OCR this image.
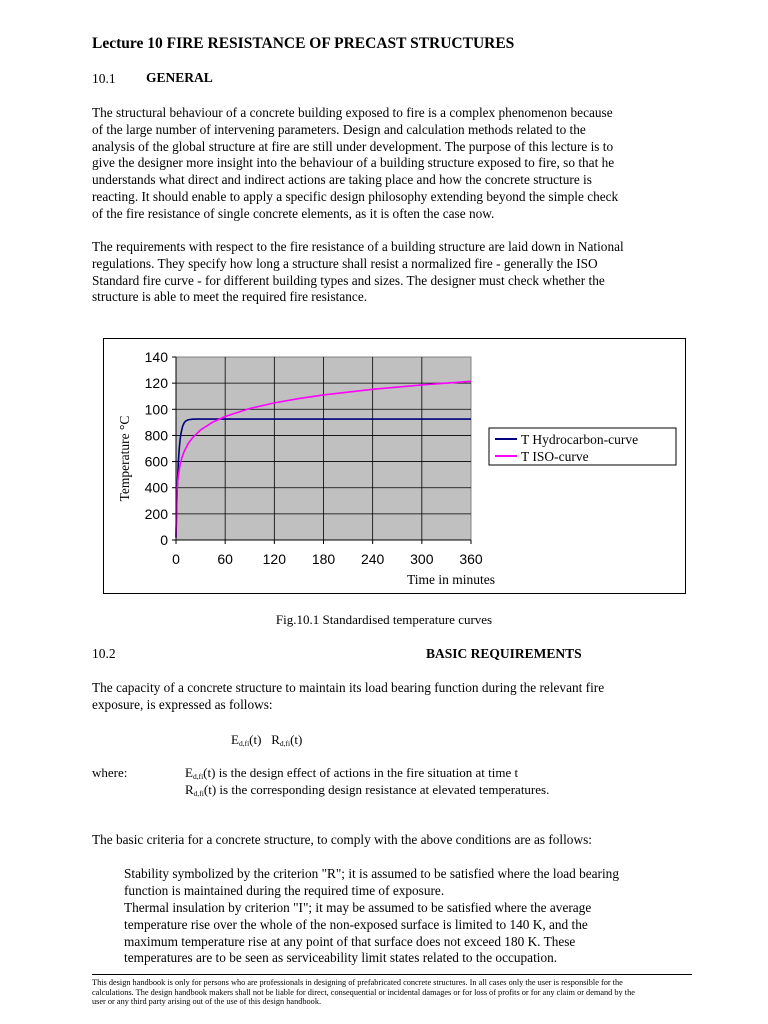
Lecture 10 FIRE RESISTANCE OF PRECAST STRUCTURES
10.1 GENERAL
The structural behaviour of a concrete building exposed to fire is a complex phenomenon because
of the large number of intervening parameters. Design and calculation methods related to the
analysis of the global structure at fire are still under development. The purpose of this lecture is to
give the designer more insight into the behaviour of a building structure exposed to fire, so that he
understands what direct and indirect actions are taking place and how the concrete structure is
reacting. It should enable to apply a specific design philosophy extending beyond the simple check
of the fire resistance of single concrete elements, as it is often the case now.
The requirements with respect to the fire resistance of a building structure are laid down in National
regulations. They specify how long a structure shall resist a normalized fire - generally the ISO
Standard fire curve - for different building types and sizes. The designer must check whether the
structure is able to meet the required fire resistance.
0
200
400
600
800
100
120
140
0	60 120 180 240 300 360
Time in minutes
Temperature °C	T Hydrocarbon-curve
T ISO-curve
Fig.10.1 Standardised temperature curves
10.2	BASIC REQUIREMENTS
The capacity of a concrete structure to maintain its load bearing function during the relevant fire
exposure, is expressed as follows:
$E_{d,fi}(t)$ $R_{d,fi}(t)$
where:	$E_{d,fi}(t)$ is the design effect of actions in the fire situation at time t
$R_{d,fi}(t)$ is the corresponding design resistance at elevated temperatures.
The basic criteria for a concrete structure, to comply with the above conditions are as follows:
Stability symbolized by the criterion "R"; it is assumed to be satisfied where the load bearing
function is maintained during the required time of exposure.
Thermal insulation by criterion "I"; it may be assumed to be satisfied where the average
temperature rise over the whole of the non-exposed surface is limited to 140 K, and the
maximum temperature rise at any point of that surface does not exceed 180 K. These
temperatures are to be seen as serviceability limit states related to the occupation.
This design handbook is only for persons who are professionals in designing of prefabricated concrete structures. In all cases only the user is responsible for the
calculations. The design handbook makers shall not be liable for direct, consequential or incidental damages or for loss of profits or for any claim or demand by the
user or any third party arising out of the use of this design handbook.
